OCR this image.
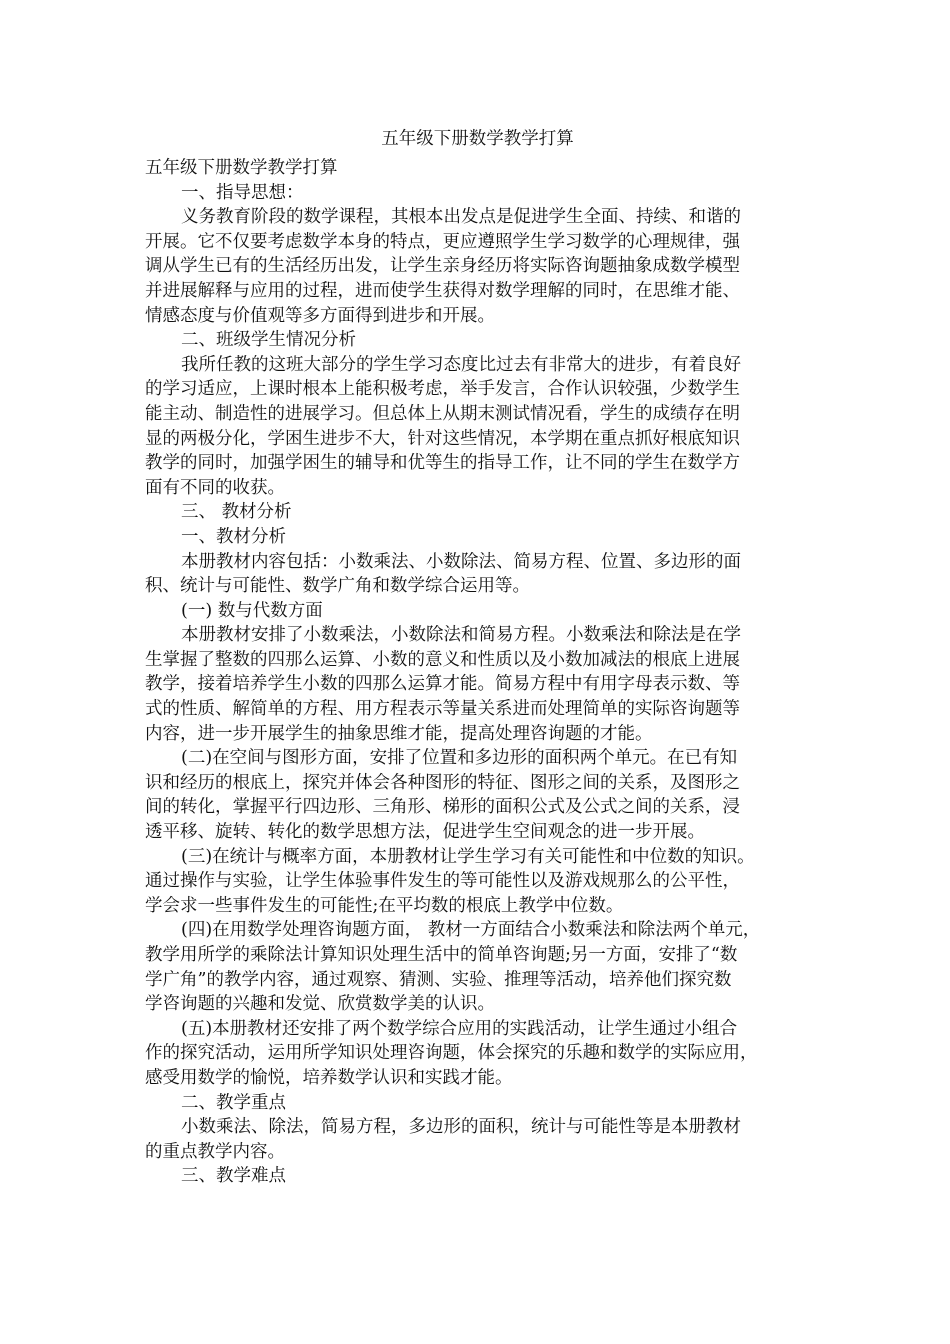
五年级下册数学教学打算

五年级下册数学教学打算

一、指导思想：

义务教育阶段的数学课程，其根本出发点是促进学生全面、持续、和谐的

开展。它不仅要考虑数学本身的特点，更应遵照学生学习数学的心理规律，强

调从学生已有的生活经历出发，让学生亲身经历将实际咨询题抽象成数学模型

并进展解释与应用的过程，进而使学生获得对数学理解的同时，在思维才能、

情感态度与价值观等多方面得到进步和开展。

二、班级学生情况分析

我所任教的这班大部分的学生学习态度比过去有非常大的进步，有着良好

的学习适应，上课时根本上能积极考虑，举手发言，合作认识较强，少数学生

能主动、制造性的进展学习。但总体上从期末测试情况看，学生的成绩存在明

显的两极分化，学困生进步不大，针对这些情况，本学期在重点抓好根底知识

教学的同时，加强学困生的辅导和优等生的指导工作，让不同的学生在数学方

面有不同的收获。

三、 教材分析

一、教材分析

本册教材内容包括：小数乘法、小数除法、简易方程、位置、多边形的面

积、统计与可能性、数学广角和数学综合运用等。

(一) 数与代数方面

本册教材安排了小数乘法，小数除法和简易方程。小数乘法和除法是在学

生掌握了整数的四那么运算、小数的意义和性质以及小数加减法的根底上进展

教学，接着培养学生小数的四那么运算才能。简易方程中有用字母表示数、等

式的性质、解简单的方程、用方程表示等量关系进而处理简单的实际咨询题等

内容，进一步开展学生的抽象思维才能，提高处理咨询题的才能。

(二)在空间与图形方面，安排了位置和多边形的面积两个单元。在已有知

识和经历的根底上，探究并体会各种图形的特征、图形之间的关系，及图形之

间的转化，掌握平行四边形、三角形、梯形的面积公式及公式之间的关系，浸

透平移、旋转、转化的数学思想方法，促进学生空间观念的进一步开展。

(三)在统计与概率方面，本册教材让学生学习有关可能性和中位数的知识。

通过操作与实验，让学生体验事件发生的等可能性以及游戏规那么的公平性，

学会求一些事件发生的可能性;在平均数的根底上教学中位数。

(四)在用数学处理咨询题方面， 教材一方面结合小数乘法和除法两个单元，

教学用所学的乘除法计算知识处理生活中的简单咨询题;另一方面，安排了“数

学广角”的教学内容，通过观察、猜测、实验、推理等活动，培养他们探究数

学咨询题的兴趣和发觉、欣赏数学美的认识。

(五)本册教材还安排了两个数学综合应用的实践活动，让学生通过小组合

作的探究活动，运用所学知识处理咨询题，体会探究的乐趣和数学的实际应用，

感受用数学的愉悦，培养数学认识和实践才能。

二、教学重点

小数乘法、除法，简易方程，多边形的面积，统计与可能性等是本册教材

的重点教学内容。

三、教学难点
